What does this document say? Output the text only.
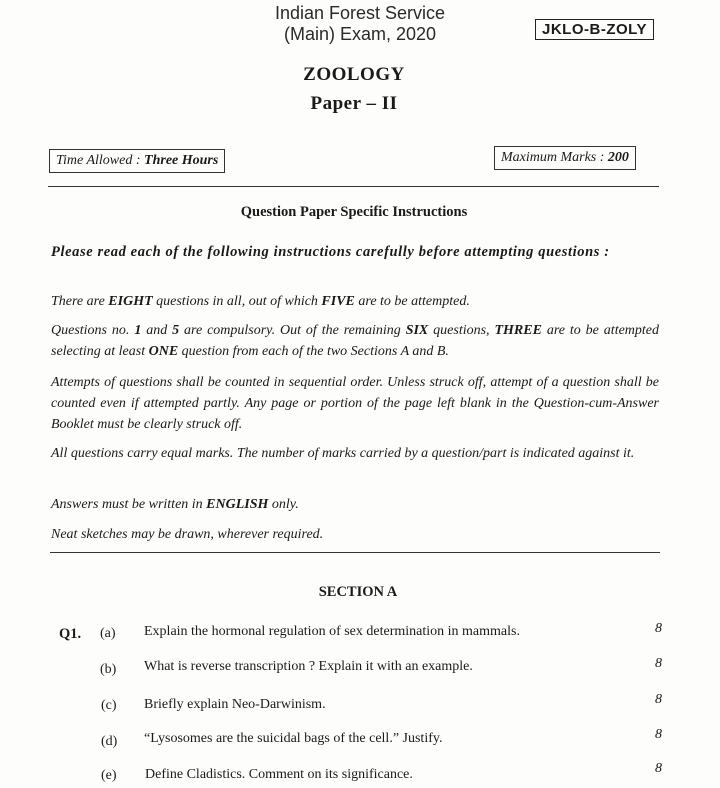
Indian Forest Service
(Main) Exam, 2020	JKLO-B-ZOLY
ZOOLOGY
Paper – II
Time Allowed : Three Hours	Maximum Marks : 200
Question Paper Specific Instructions
Please read each of the following instructions carefully before attempting questions :
There are EIGHT questions in all, out of which FIVE are to be attempted.
Questions no. 1 and 5 are compulsory. Out of the remaining SIX questions, THREE are to be attempted selecting at least ONE question from each of the two Sections A and B.
Attempts of questions shall be counted in sequential order. Unless struck off, attempt of a question shall be counted even if attempted partly. Any page or portion of the page left blank in the Question-cum-Answer Booklet must be clearly struck off.
All questions carry equal marks. The number of marks carried by a question/part is indicated against it.
Answers must be written in ENGLISH only.
Neat sketches may be drawn, wherever required.
SECTION A
Q1. (a) Explain the hormonal regulation of sex determination in mammals.	8
(b) What is reverse transcription ? Explain it with an example.	8
(c) Briefly explain Neo-Darwinism.	8
(d) “Lysosomes are the suicidal bags of the cell.” Justify.	8
(e) Define Cladistics. Comment on its significance.	8
